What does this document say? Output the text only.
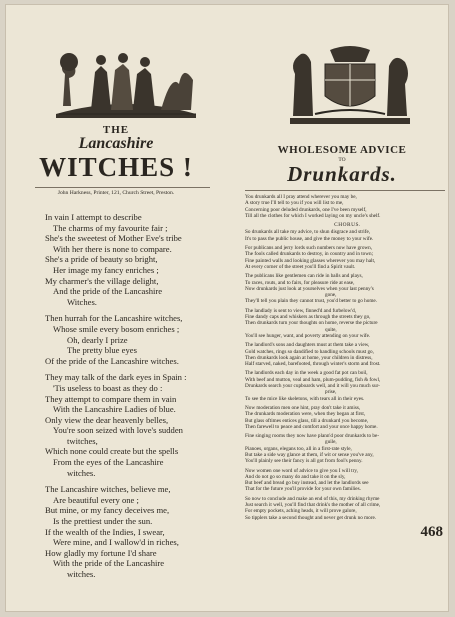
THE
Lancashire
WITCHES !
John Harkness, Printer, 121, Church Street, Preston.
In vain I attempt to describe
The charms of my favourite fair ;
She's the sweetest of Mother Eve's tribe
With her there is none to compare.
She's a pride of beauty so bright,
Her image my fancy enriches ;
My charmer's the village delight,
And the pride of the Lancashire
Witches.
Then hurrah for the Lancashire witches,
Whose smile every bosom enriches ;
Oh, dearly I prize
The pretty blue eyes
Of the pride of the Lancashire witches.
They may talk of the dark eyes in Spain :
'Tis useless to boast as they do :
They attempt to compare them in vain
With the Lancashire Ladies of blue.
Only view the dear heavenly belles,
You're soon seized with love's sudden
twitches,
Which none could create but the spells
From the eyes of the Lancashire
witches.
The Lancashire witches, believe me,
Are beautiful every one ;
But mine, or my fancy deceives me,
Is the prettiest under the sun.
If the wealth of the Indies, I swear,
Were mine, and I wallow'd in riches,
How gladly my fortune I'd share
With the pride of the Lancashire
witches.
WHOLESOME ADVICE
TO
Drunkards.

You drunkards all I pray attend wherever you may be,
A story true I'll tell to you if you will list to me,
Concerning poor deluded drunkards, one I've been myself,
Till all the clothes for which I worked laying on my uncle's shelf.

CHORUS.

So drunkards all take my advice, to shun disgrace and strife,
It's to pass the public house, and give the money to your wife.

For publicans and jerry lords such numbers now have grown,
The fools called drunkards to destroy, in country and in town;
Fine painted walls and looking glasses wherever you may halt,
At every corner of the street you'll find a Spirit vault.

The publicans like gentlemen can ride in balls and plays,
To races, routs, and to fairs, for pleasure ride at ease,
Now drunkards just look at yourselves when your last penny's
gone,
They'll tell you plain they cannot trust, you'd better to go home.

The landlady is sent to view, finned'd and furbelow'd,
Fine dandy caps and whiskers as through the streets they go,
Then drunkards turn your thoughts on home, reverse the picture
quite,
You'll see hunger, want, and poverty attending on your wife.

The landlord's sons and daughters must at them take a view,
Gold watches, rings so dandified to handling schools must go,
Then drunkards look again at home, your children in distress,
Half starved, naked, barefooted, through winter's storm and frost.

The landlords each day in the week a good fat pot can boil,
With beef and mutton, veal and ham, plum-pudding, fish & fowl,
Drunkards search your cupboards well, and it will you much sur-
prise,
To see the mice like skeletons, with tears all in their eyes.

Now moderation men one hint, pray don't take it amiss,
The drunkards moderation were, when they began at first,
But glass oftimes entices glass, till a drunkard you become,
Then farewell to peace and comfort and your once happy home.

Fine singing rooms they now have plann'd poor drunkards to be-
guile,
Pianoes, organs, elegans too, all in a first-rate style,
But take a side way glance at them, if wit or sense you've any,
You'll plainly see their fancy is all got from fool's penny.

Now women one word of advice to give you I will try,
And do not go so many do and take it on the sly,
But beef and bread go buy instead, and let the landlords see
That for the future you'll provide for your own families.

So now to conclude and make an end of this, my drinking rhyme
Just search it well, you'll find that drink's the mother of all crime,
For empty pockets, aching heads, it will prove galore,
So tipplers take a second thought and never get drunk no more.

468
